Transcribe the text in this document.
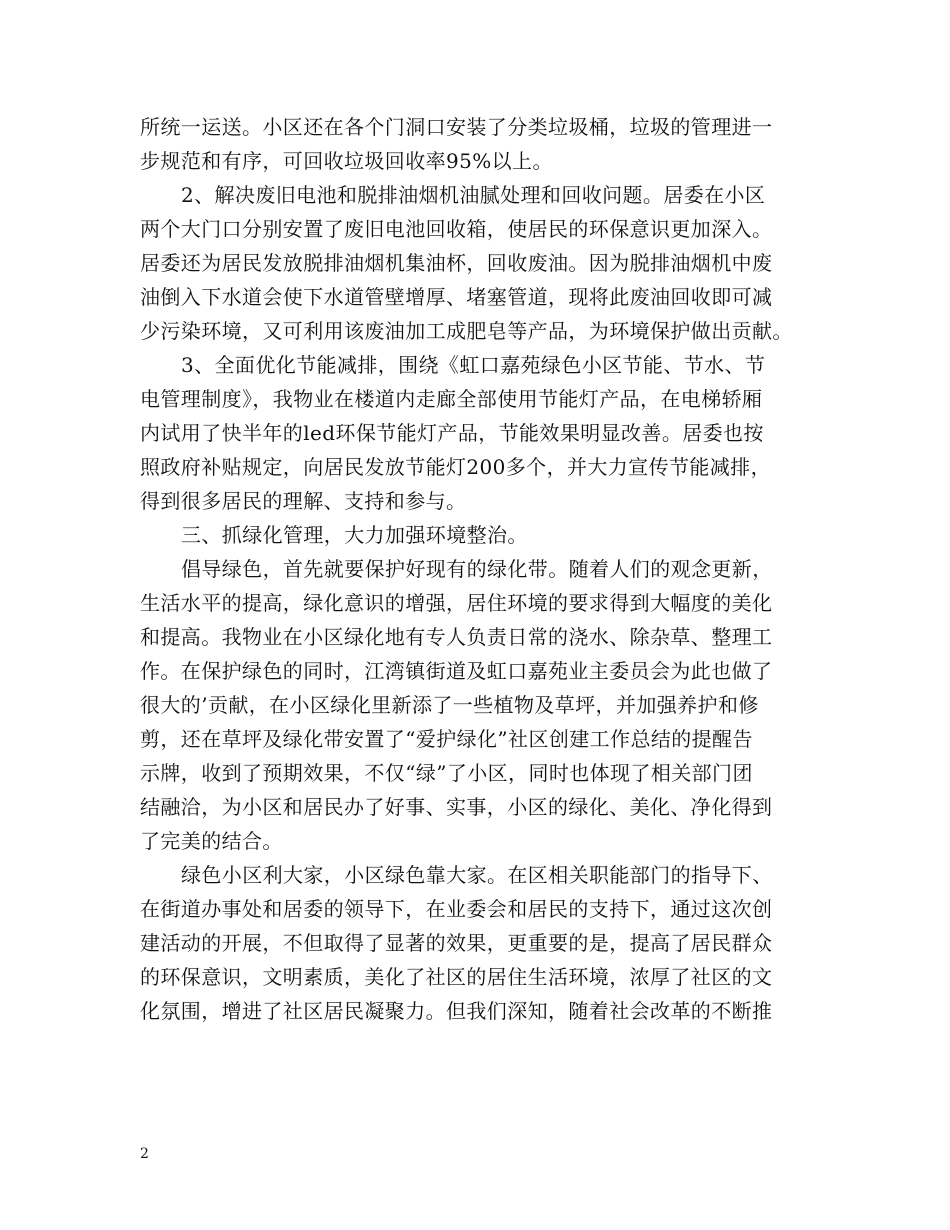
所统一运送。小区还在各个门洞口安装了分类垃圾桶，垃圾的管理进一
步规范和有序，可回收垃圾回收率95%以上。
2、解决废旧电池和脱排油烟机油腻处理和回收问题。居委在小区
两个大门口分别安置了废旧电池回收箱，使居民的环保意识更加深入。
居委还为居民发放脱排油烟机集油杯，回收废油。因为脱排油烟机中废
油倒入下水道会使下水道管壁增厚、堵塞管道，现将此废油回收即可减
少污染环境，又可利用该废油加工成肥皂等产品，为环境保护做出贡献。
3、全面优化节能减排，围绕《虹口嘉苑绿色小区节能、节水、节
电管理制度》，我物业在楼道内走廊全部使用节能灯产品，在电梯轿厢
内试用了快半年的led环保节能灯产品，节能效果明显改善。居委也按
照政府补贴规定，向居民发放节能灯200多个，并大力宣传节能减排，
得到很多居民的理解、支持和参与。
三、抓绿化管理，大力加强环境整治。
倡导绿色，首先就要保护好现有的绿化带。随着人们的观念更新，
生活水平的提高，绿化意识的增强，居住环境的要求得到大幅度的美化
和提高。我物业在小区绿化地有专人负责日常的浇水、除杂草、整理工
作。在保护绿色的同时，江湾镇街道及虹口嘉苑业主委员会为此也做了
很大的’贡献，在小区绿化里新添了一些植物及草坪，并加强养护和修
剪，还在草坪及绿化带安置了“爱护绿化”社区创建工作总结的提醒告
示牌，收到了预期效果，不仅“绿”了小区，同时也体现了相关部门团
结融洽，为小区和居民办了好事、实事，小区的绿化、美化、净化得到
了完美的结合。
绿色小区利大家，小区绿色靠大家。在区相关职能部门的指导下、
在街道办事处和居委的领导下，在业委会和居民的支持下，通过这次创
建活动的开展，不但取得了显著的效果，更重要的是，提高了居民群众
的环保意识，文明素质，美化了社区的居住生活环境，浓厚了社区的文
化氛围，增进了社区居民凝聚力。但我们深知，随着社会改革的不断推
2
